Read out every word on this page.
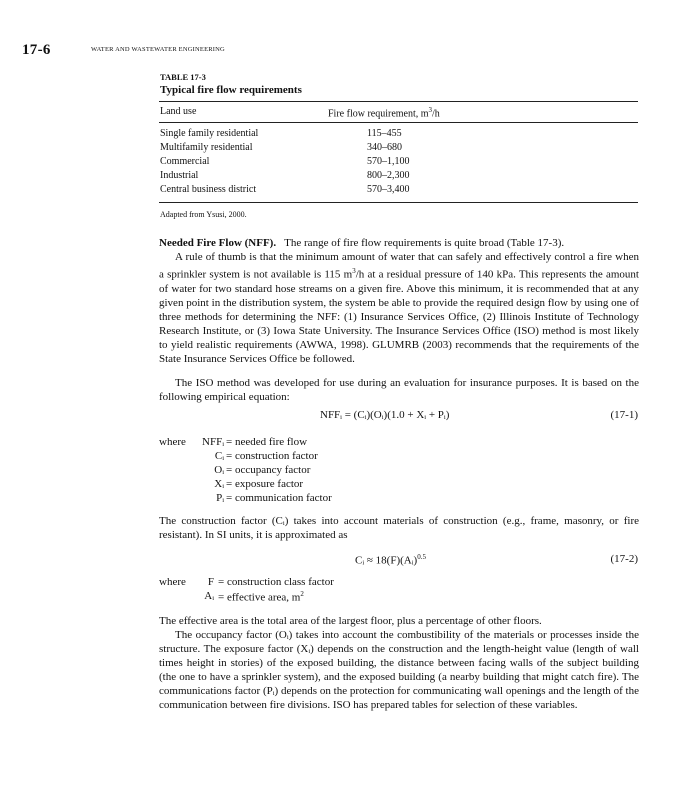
17-6	WATER AND WASTEWATER ENGINEERING
TABLE 17-3
Typical fire flow requirements
Land use	Fire flow requirement, $m^3/h$
Single family residential	115–455
Multifamily residential	340–680
Commercial	570–1,100
Industrial	800–2,300
Central business district	570–3,400
Adapted from Ysusi, 2000.

Needed Fire Flow (NFF). The range of fire flow requirements is quite broad (Table 17-3).

A rule of thumb is that the minimum amount of water that can safely and effectively control a fire when a sprinkler system is not available is 115 $m^3/h$ at a residual pressure of 140 kPa. This represents the amount of water for two standard hose streams on a given fire. Above this minimum, it is recommended that at any given point in the distribution system, the system be able to provide the required design flow by using one of three methods for determining the NFF: (1) Insurance Services Office, (2) Illinois Institute of Technology Research Institute, or (3) Iowa State University. The Insurance Services Office (ISO) method is most likely to yield realistic requirements (AWWA, 1998). GLUMRB (2003) recommends that the requirements of the State Insurance Services Office be followed.

The ISO method was developed for use during an evaluation for insurance purposes. It is based on the following empirical equation:

NFFᵢ = (Cᵢ)(Oᵢ)(1.0 + Xᵢ + Pᵢ)	(17-1)
where	NFFᵢ = needed fire flow
Cᵢ = construction factor
Oᵢ = occupancy factor
Xᵢ = exposure factor
Pᵢ = communication factor

The construction factor (Cᵢ) takes into account materials of construction (e.g., frame, masonry, or fire resistant). In SI units, it is approximated as

Cᵢ ≈ 18(F)(Aᵢ)$^{0.5}$	(17-2)
where	F = construction class factor
Aᵢ = effective area, $m^2$

The effective area is the total area of the largest floor, plus a percentage of other floors.

The occupancy factor (Oᵢ) takes into account the combustibility of the materials or processes inside the structure. The exposure factor (Xᵢ) depends on the construction and the length-height value (length of wall times height in stories) of the exposed building, the distance between facing walls of the subject building (the one to have a sprinkler system), and the exposed building (a nearby building that might catch fire). The communications factor (Pᵢ) depends on the protection for communicating wall openings and the length of the communication between fire divisions. ISO has prepared tables for selection of these variables.
